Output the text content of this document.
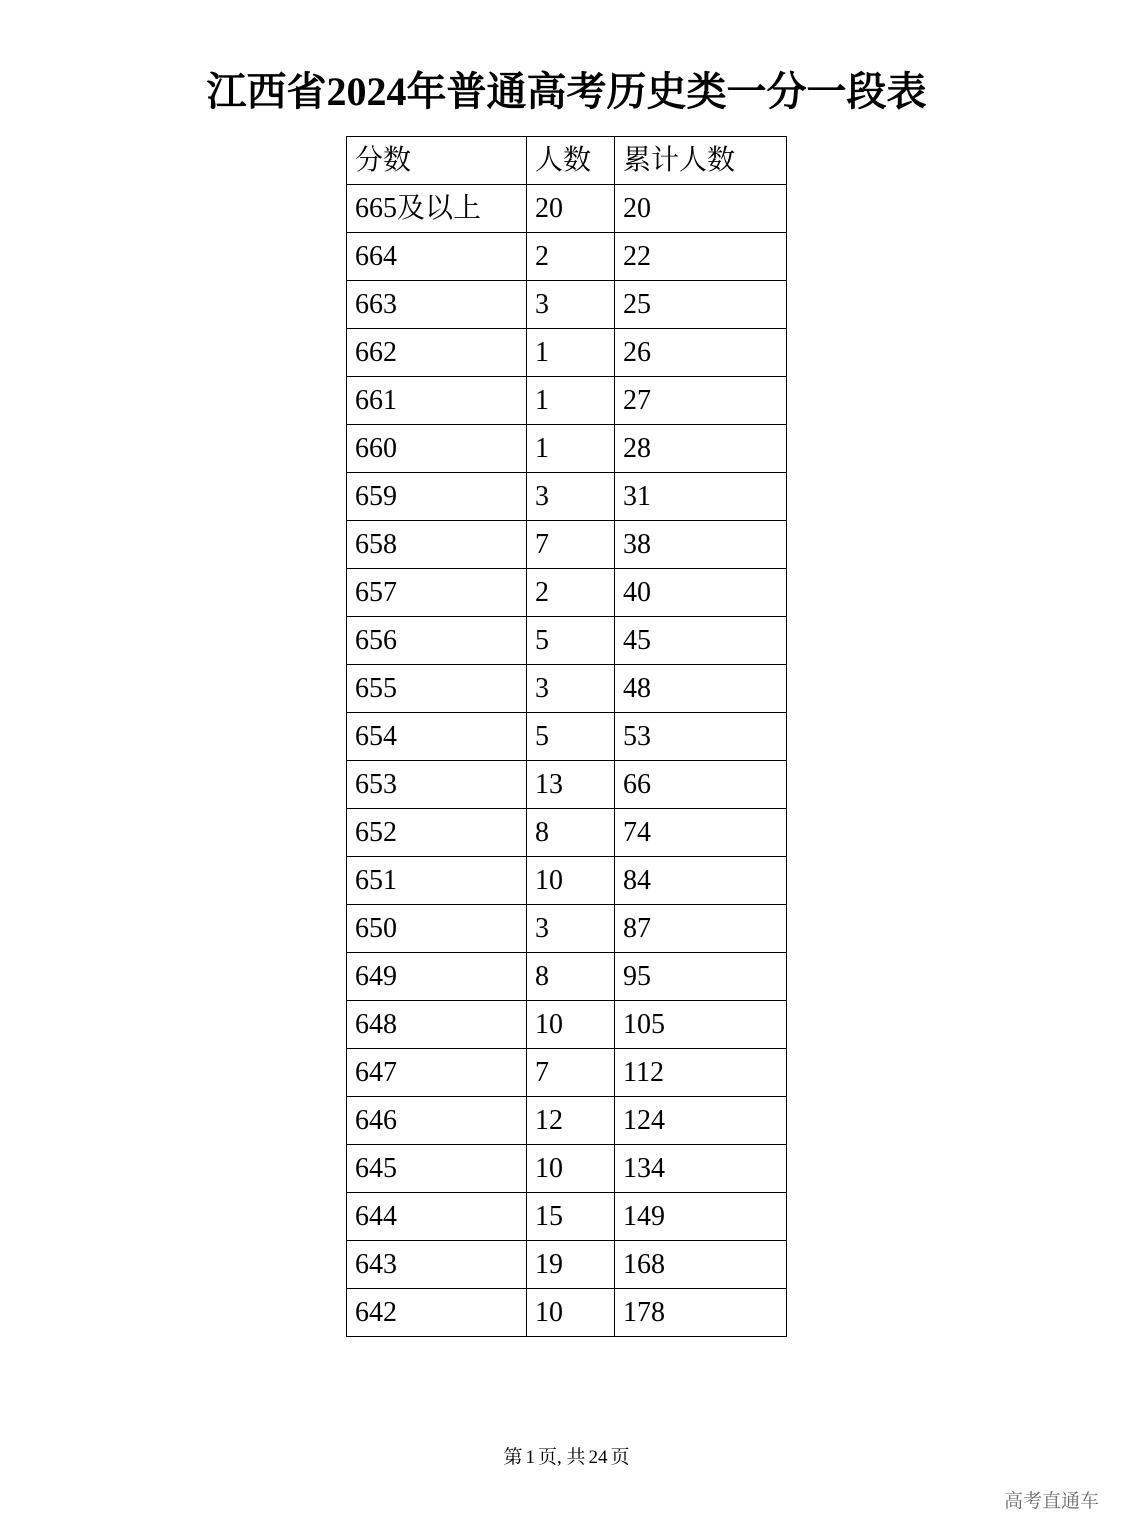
江西省2024年普通高考历史类一分一段表
分数	人数	累计人数
665及以上	20	20
664	2	22
663	3	25
662	1	26
661	1	27
660	1	28
659	3	31
658	7	38
657	2	40
656	5	45
655	3	48
654	5	53
653	13	66
652	8	74
651	10	84
650	3	87
649	8	95
648	10	105
647	7	112
646	12	124
645	10	134
644	15	149
643	19	168
642	10	178
第 1 页, 共 24 页
高考直通车
